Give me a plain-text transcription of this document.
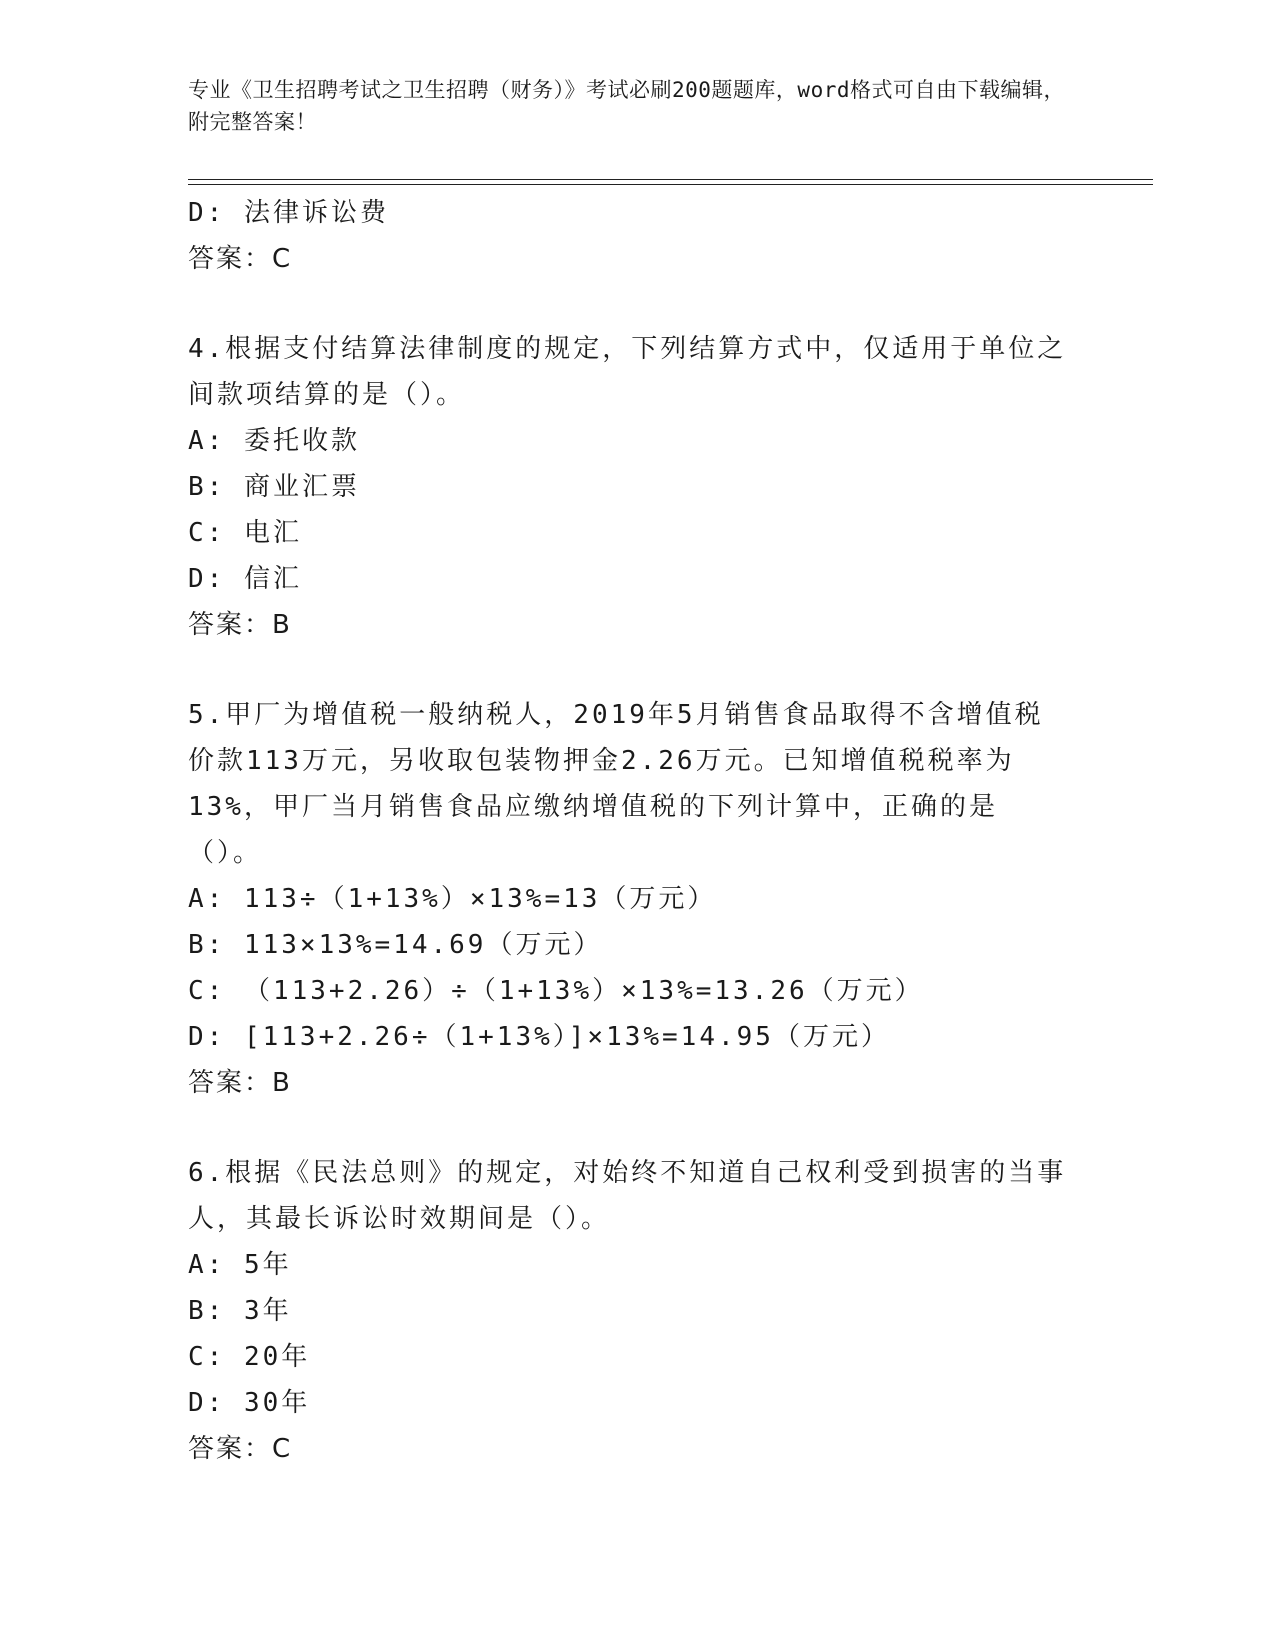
专业《卫生招聘考试之卫生招聘（财务）》考试必刷200题题库，word格式可自由下载编辑，附完整答案！
D: 法律诉讼费
答案：C
4.根据支付结算法律制度的规定，下列结算方式中，仅适用于单位之间款项结算的是（）。
A: 委托收款
B: 商业汇票
C: 电汇
D: 信汇
答案：B
5.甲厂为增值税一般纳税人，2019年5月销售食品取得不含增值税价款113万元，另收取包装物押金2.26万元。已知增值税税率为13%，甲厂当月销售食品应缴纳增值税的下列计算中，正确的是（）。
A: 113÷（1+13%）×13%=13（万元）
B: 113×13%=14.69（万元）
C: （113+2.26）÷（1+13%）×13%=13.26（万元）
D: [113+2.26÷（1+13%）]×13%=14.95（万元）
答案：B
6.根据《民法总则》的规定，对始终不知道自己权利受到损害的当事人，其最长诉讼时效期间是（）。
A: 5年
B: 3年
C: 20年
D: 30年
答案：C
